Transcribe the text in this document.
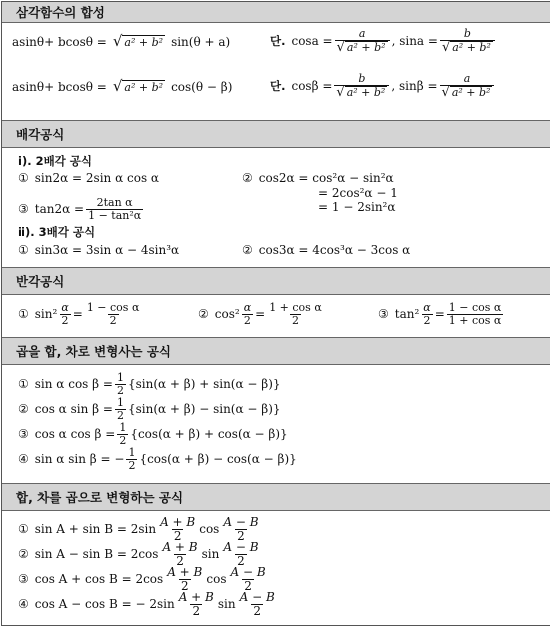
삼각함수의 합성
asinθ+ bcosθ = √ a² + b² sin(θ + a)	단. $\cos a = \frac{a}{\text{√ a² + b²}}$ , $\sin a = \frac{b}{\text{√ a² + b²}}$
asinθ+ bcosθ = √ a² + b² cos(θ − β)	단. $\cos\beta = \frac{b}{\text{√ a² + b²}}$ , $\sin\beta = \frac{a}{\text{√ a² + b²}}$
배각공식
ⅰ). 2배각 공식
① sin2α = 2sin α cos α	② cos2α = cos²α − sin²α
= 2cos²α − 1
= 1 − 2sin²α
③ $\tan 2\alpha = \frac{\text{2tan α}}{\text{1 − tan²α}}$
ⅱ). 3배각 공식
① sin3α = 3sin α − 4sin³α	② cos3α = 4cos³α − 3cos α
반각공식
① $\sin^2 \frac{\alpha}{2} = \frac{\text{1 − cos α}}{2}$	② $\cos^2 \frac{\alpha}{2} = \frac{\text{1 + cos α}}{2}$	③ $\tan^2 \frac{\alpha}{2} = \frac{\text{1 − cos α}}{\text{1 + cos α}}$
곱을 합, 차로 변형사는 공식
① sin α $\cos \beta = \frac{1}{2} \{\sin(\alpha + \beta) + \sin(\alpha - \beta)\}$
② cos α $\sin \beta = \frac{1}{2} \{\sin(\alpha + \beta) - \sin(\alpha - \beta)\}$
③ cos α $\cos \beta = \frac{1}{2} \{\cos(\alpha + \beta) + \cos(\alpha - \beta)\}$
④ sin α sin β = − $\frac{1}{2} \{\cos(\alpha + \beta) - \cos(\alpha - \beta)\}$
합, 차를 곱으로 변형하는 공식
① $\sin A + \sin B = 2\sin \frac{A + B}{2}$ $\cos \frac{A - B}{2}$
② $\sin A - \sin B = 2\cos \frac{A + B}{2}$ $\sin \frac{A - B}{2}$
③ $\cos A + \cos B = 2\cos \frac{A + B}{2}$ $\cos \frac{A - B}{2}$
④ cos A − cos B = − $2\sin \frac{A + B}{2}$ $\sin \frac{A - B}{2}$
